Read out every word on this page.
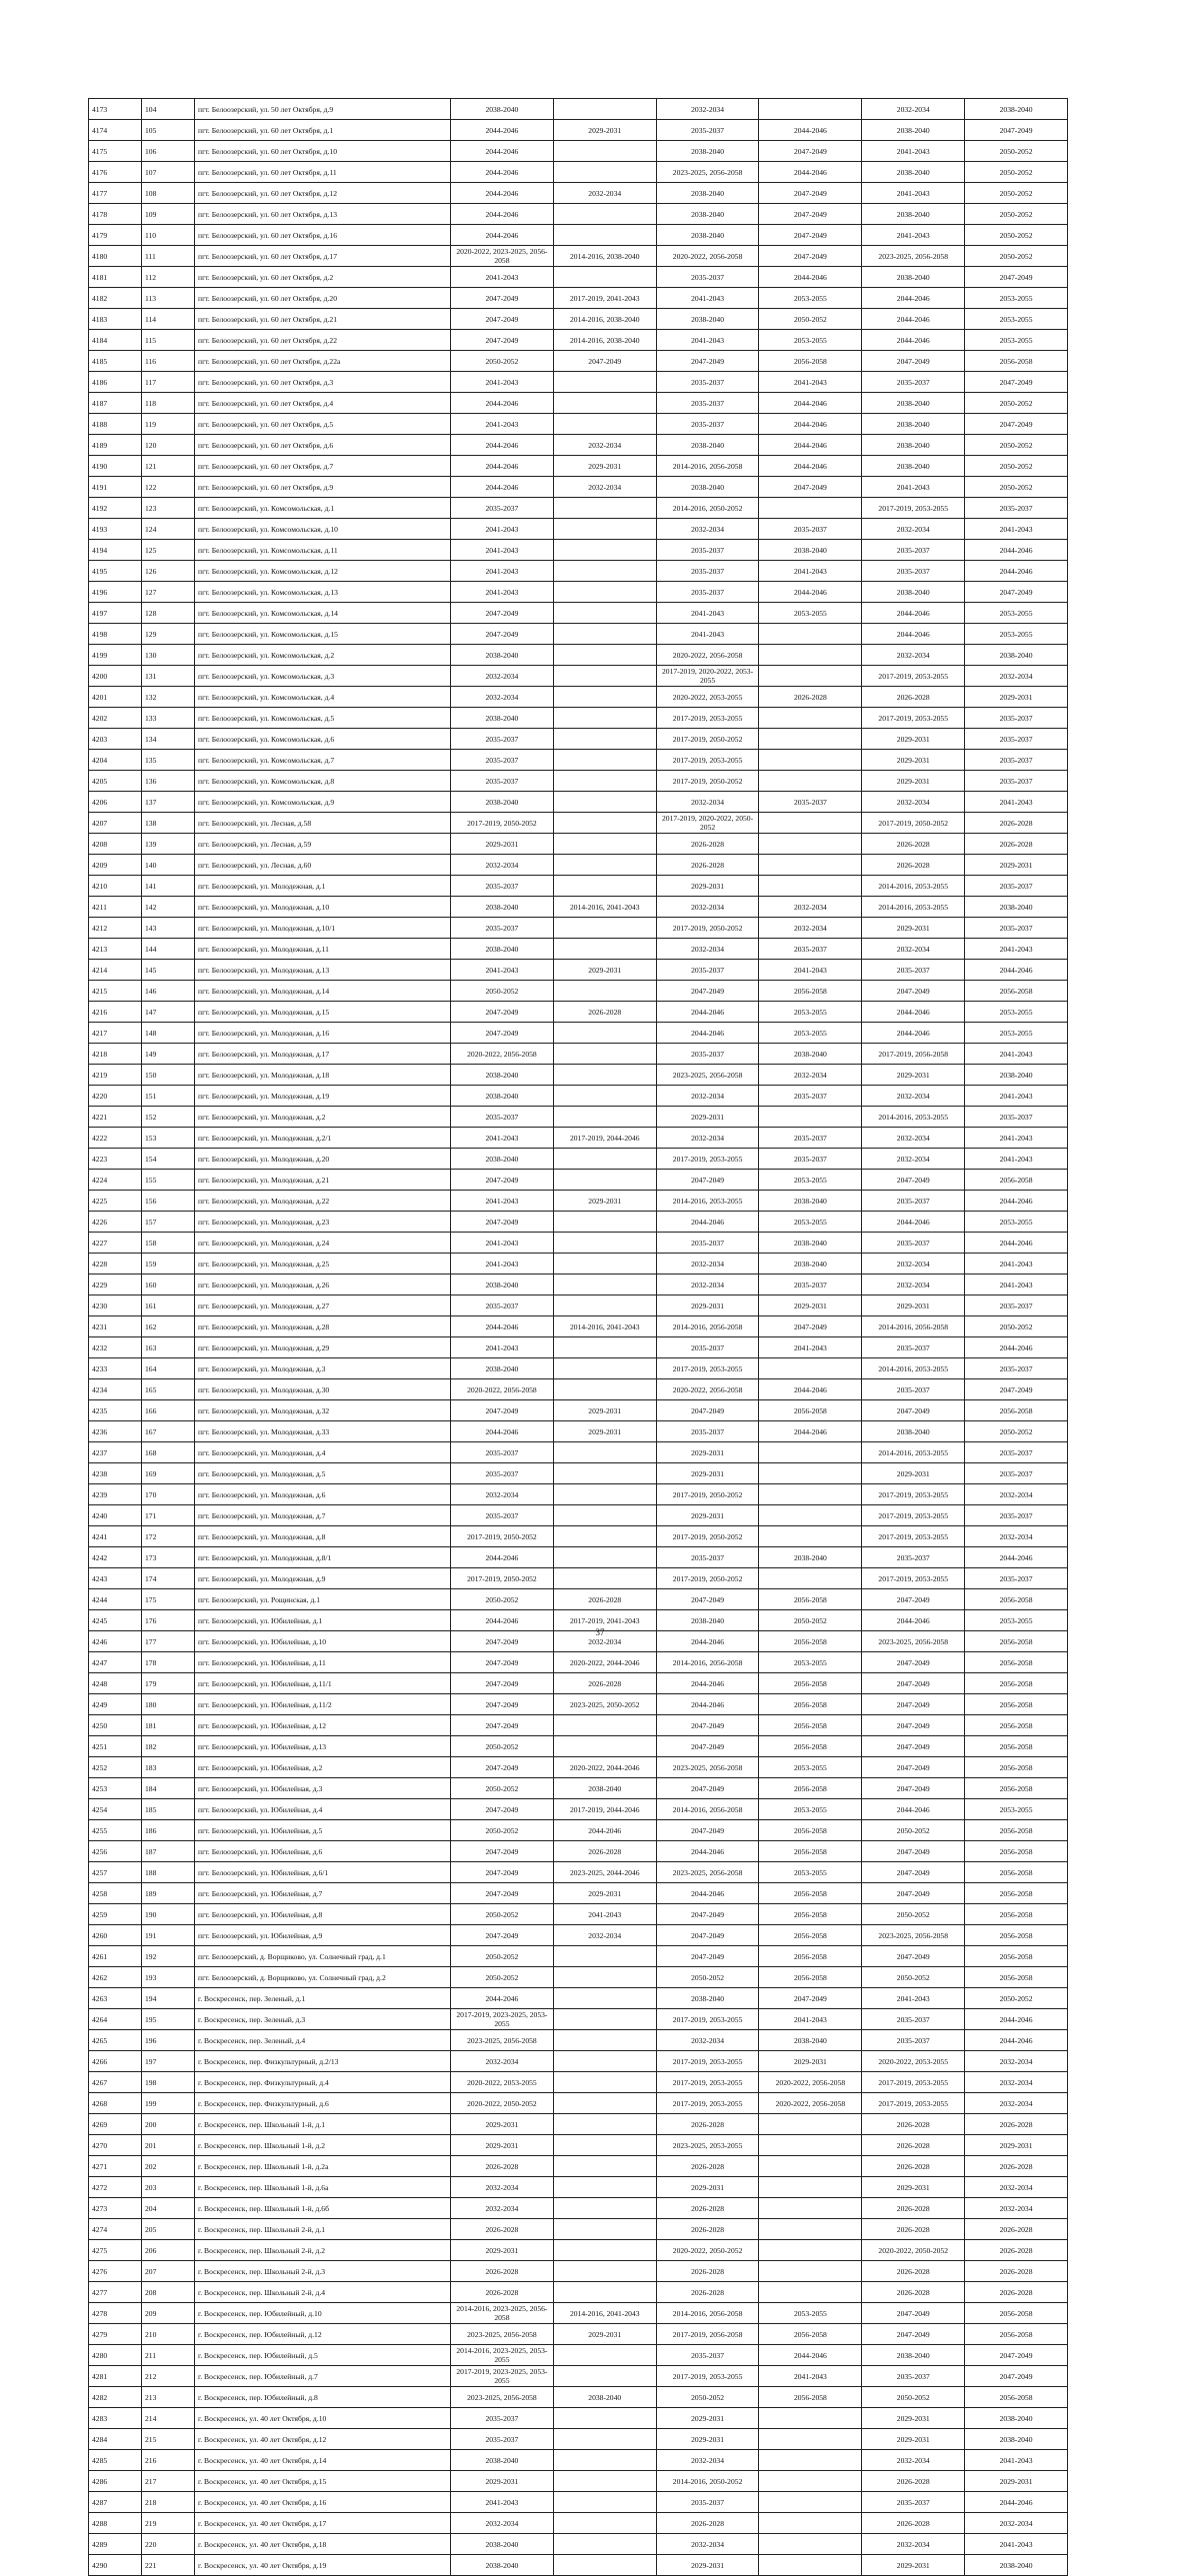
4173	104	пгт. Белоозерский, ул. 50 лет Октября, д.9	2038-2040		2032-2034		2032-2034	2038-2040
4174	105	пгт. Белоозерский, ул. 60 лет Октября, д.1	2044-2046	2029-2031	2035-2037	2044-2046	2038-2040	2047-2049
4175	106	пгт. Белоозерский, ул. 60 лет Октября, д.10	2044-2046		2038-2040	2047-2049	2041-2043	2050-2052
4176	107	пгт. Белоозерский, ул. 60 лет Октября, д.11	2044-2046		2023-2025, 2056-2058	2044-2046	2038-2040	2050-2052
4177	108	пгт. Белоозерский, ул. 60 лет Октября, д.12	2044-2046	2032-2034	2038-2040	2047-2049	2041-2043	2050-2052
4178	109	пгт. Белоозерский, ул. 60 лет Октября, д.13	2044-2046		2038-2040	2047-2049	2038-2040	2050-2052
4179	110	пгт. Белоозерский, ул. 60 лет Октября, д.16	2044-2046		2038-2040	2047-2049	2041-2043	2050-2052
4180	111	пгт. Белоозерский, ул. 60 лет Октября, д.17	2020-2022, 2023-2025, 2056-2058	2014-2016, 2038-2040	2020-2022, 2056-2058	2047-2049	2023-2025, 2056-2058	2050-2052
4181	112	пгт. Белоозерский, ул. 60 лет Октября, д.2	2041-2043		2035-2037	2044-2046	2038-2040	2047-2049
4182	113	пгт. Белоозерский, ул. 60 лет Октября, д.20	2047-2049	2017-2019, 2041-2043	2041-2043	2053-2055	2044-2046	2053-2055
4183	114	пгт. Белоозерский, ул. 60 лет Октября, д.21	2047-2049	2014-2016, 2038-2040	2038-2040	2050-2052	2044-2046	2053-2055
4184	115	пгт. Белоозерский, ул. 60 лет Октября, д.22	2047-2049	2014-2016, 2038-2040	2041-2043	2053-2055	2044-2046	2053-2055
4185	116	пгт. Белоозерский, ул. 60 лет Октября, д.22а	2050-2052	2047-2049	2047-2049	2056-2058	2047-2049	2056-2058
4186	117	пгт. Белоозерский, ул. 60 лет Октября, д.3	2041-2043		2035-2037	2041-2043	2035-2037	2047-2049
4187	118	пгт. Белоозерский, ул. 60 лет Октября, д.4	2044-2046		2035-2037	2044-2046	2038-2040	2050-2052
4188	119	пгт. Белоозерский, ул. 60 лет Октября, д.5	2041-2043		2035-2037	2044-2046	2038-2040	2047-2049
4189	120	пгт. Белоозерский, ул. 60 лет Октября, д.6	2044-2046	2032-2034	2038-2040	2044-2046	2038-2040	2050-2052
4190	121	пгт. Белоозерский, ул. 60 лет Октября, д.7	2044-2046	2029-2031	2014-2016, 2056-2058	2044-2046	2038-2040	2050-2052
4191	122	пгт. Белоозерский, ул. 60 лет Октября, д.9	2044-2046	2032-2034	2038-2040	2047-2049	2041-2043	2050-2052
4192	123	пгт. Белоозерский, ул. Комсомольская, д.1	2035-2037		2014-2016, 2050-2052		2017-2019, 2053-2055	2035-2037
4193	124	пгт. Белоозерский, ул. Комсомольская, д.10	2041-2043		2032-2034	2035-2037	2032-2034	2041-2043
4194	125	пгт. Белоозерский, ул. Комсомольская, д.11	2041-2043		2035-2037	2038-2040	2035-2037	2044-2046
4195	126	пгт. Белоозерский, ул. Комсомольская, д.12	2041-2043		2035-2037	2041-2043	2035-2037	2044-2046
4196	127	пгт. Белоозерский, ул. Комсомольская, д.13	2041-2043		2035-2037	2044-2046	2038-2040	2047-2049
4197	128	пгт. Белоозерский, ул. Комсомольская, д.14	2047-2049		2041-2043	2053-2055	2044-2046	2053-2055
4198	129	пгт. Белоозерский, ул. Комсомольская, д.15	2047-2049		2041-2043		2044-2046	2053-2055
4199	130	пгт. Белоозерский, ул. Комсомольская, д.2	2038-2040		2020-2022, 2056-2058		2032-2034	2038-2040
4200	131	пгт. Белоозерский, ул. Комсомольская, д.3	2032-2034		2017-2019, 2020-2022, 2053-2055		2017-2019, 2053-2055	2032-2034
4201	132	пгт. Белоозерский, ул. Комсомольская, д.4	2032-2034		2020-2022, 2053-2055	2026-2028	2026-2028	2029-2031
4202	133	пгт. Белоозерский, ул. Комсомольская, д.5	2038-2040		2017-2019, 2053-2055		2017-2019, 2053-2055	2035-2037
4203	134	пгт. Белоозерский, ул. Комсомольская, д.6	2035-2037		2017-2019, 2050-2052		2029-2031	2035-2037
4204	135	пгт. Белоозерский, ул. Комсомольская, д.7	2035-2037		2017-2019, 2053-2055		2029-2031	2035-2037
4205	136	пгт. Белоозерский, ул. Комсомольская, д.8	2035-2037		2017-2019, 2050-2052		2029-2031	2035-2037
4206	137	пгт. Белоозерский, ул. Комсомольская, д.9	2038-2040		2032-2034	2035-2037	2032-2034	2041-2043
4207	138	пгт. Белоозерский, ул. Лесная, д.58	2017-2019, 2050-2052		2017-2019, 2020-2022, 2050-2052		2017-2019, 2050-2052	2026-2028
4208	139	пгт. Белоозерский, ул. Лесная, д.59	2029-2031		2026-2028		2026-2028	2026-2028
4209	140	пгт. Белоозерский, ул. Лесная, д.60	2032-2034		2026-2028		2026-2028	2029-2031
4210	141	пгт. Белоозерский, ул. Молодежная, д.1	2035-2037		2029-2031		2014-2016, 2053-2055	2035-2037
4211	142	пгт. Белоозерский, ул. Молодежная, д.10	2038-2040	2014-2016, 2041-2043	2032-2034	2032-2034	2014-2016, 2053-2055	2038-2040
4212	143	пгт. Белоозерский, ул. Молодежная, д.10/1	2035-2037		2017-2019, 2050-2052	2032-2034	2029-2031	2035-2037
4213	144	пгт. Белоозерский, ул. Молодежная, д.11	2038-2040		2032-2034	2035-2037	2032-2034	2041-2043
4214	145	пгт. Белоозерский, ул. Молодежная, д.13	2041-2043	2029-2031	2035-2037	2041-2043	2035-2037	2044-2046
4215	146	пгт. Белоозерский, ул. Молодежная, д.14	2050-2052		2047-2049	2056-2058	2047-2049	2056-2058
4216	147	пгт. Белоозерский, ул. Молодежная, д.15	2047-2049	2026-2028	2044-2046	2053-2055	2044-2046	2053-2055
4217	148	пгт. Белоозерский, ул. Молодежная, д.16	2047-2049		2044-2046	2053-2055	2044-2046	2053-2055
4218	149	пгт. Белоозерский, ул. Молодежная, д.17	2020-2022, 2056-2058		2035-2037	2038-2040	2017-2019, 2056-2058	2041-2043
4219	150	пгт. Белоозерский, ул. Молодежная, д.18	2038-2040		2023-2025, 2056-2058	2032-2034	2029-2031	2038-2040
4220	151	пгт. Белоозерский, ул. Молодежная, д.19	2038-2040		2032-2034	2035-2037	2032-2034	2041-2043
4221	152	пгт. Белоозерский, ул. Молодежная, д.2	2035-2037		2029-2031		2014-2016, 2053-2055	2035-2037
4222	153	пгт. Белоозерский, ул. Молодежная, д.2/1	2041-2043	2017-2019, 2044-2046	2032-2034	2035-2037	2032-2034	2041-2043
4223	154	пгт. Белоозерский, ул. Молодежная, д.20	2038-2040		2017-2019, 2053-2055	2035-2037	2032-2034	2041-2043
4224	155	пгт. Белоозерский, ул. Молодежная, д.21	2047-2049		2047-2049	2053-2055	2047-2049	2056-2058
4225	156	пгт. Белоозерский, ул. Молодежная, д.22	2041-2043	2029-2031	2014-2016, 2053-2055	2038-2040	2035-2037	2044-2046
4226	157	пгт. Белоозерский, ул. Молодежная, д.23	2047-2049		2044-2046	2053-2055	2044-2046	2053-2055
4227	158	пгт. Белоозерский, ул. Молодежная, д.24	2041-2043		2035-2037	2038-2040	2035-2037	2044-2046
4228	159	пгт. Белоозерский, ул. Молодежная, д.25	2041-2043		2032-2034	2038-2040	2032-2034	2041-2043
4229	160	пгт. Белоозерский, ул. Молодежная, д.26	2038-2040		2032-2034	2035-2037	2032-2034	2041-2043
4230	161	пгт. Белоозерский, ул. Молодежная, д.27	2035-2037		2029-2031	2029-2031	2029-2031	2035-2037
4231	162	пгт. Белоозерский, ул. Молодежная, д.28	2044-2046	2014-2016, 2041-2043	2014-2016, 2056-2058	2047-2049	2014-2016, 2056-2058	2050-2052
4232	163	пгт. Белоозерский, ул. Молодежная, д.29	2041-2043		2035-2037	2041-2043	2035-2037	2044-2046
4233	164	пгт. Белоозерский, ул. Молодежная, д.3	2038-2040		2017-2019, 2053-2055		2014-2016, 2053-2055	2035-2037
4234	165	пгт. Белоозерский, ул. Молодежная, д.30	2020-2022, 2056-2058		2020-2022, 2056-2058	2044-2046	2035-2037	2047-2049
4235	166	пгт. Белоозерский, ул. Молодежная, д.32	2047-2049	2029-2031	2047-2049	2056-2058	2047-2049	2056-2058
4236	167	пгт. Белоозерский, ул. Молодежная, д.33	2044-2046	2029-2031	2035-2037	2044-2046	2038-2040	2050-2052
4237	168	пгт. Белоозерский, ул. Молодежная, д.4	2035-2037		2029-2031		2014-2016, 2053-2055	2035-2037
4238	169	пгт. Белоозерский, ул. Молодежная, д.5	2035-2037		2029-2031		2029-2031	2035-2037
4239	170	пгт. Белоозерский, ул. Молодежная, д.6	2032-2034		2017-2019, 2050-2052		2017-2019, 2053-2055	2032-2034
4240	171	пгт. Белоозерский, ул. Молодежная, д.7	2035-2037		2029-2031		2017-2019, 2053-2055	2035-2037
4241	172	пгт. Белоозерский, ул. Молодежная, д.8	2017-2019, 2050-2052		2017-2019, 2050-2052		2017-2019, 2053-2055	2032-2034
4242	173	пгт. Белоозерский, ул. Молодежная, д.8/1	2044-2046		2035-2037	2038-2040	2035-2037	2044-2046
4243	174	пгт. Белоозерский, ул. Молодежная, д.9	2017-2019, 2050-2052		2017-2019, 2050-2052		2017-2019, 2053-2055	2035-2037
4244	175	пгт. Белоозерский, ул. Рощинская, д.1	2050-2052	2026-2028	2047-2049	2056-2058	2047-2049	2056-2058
4245	176	пгт. Белоозерский, ул. Юбилейная, д.1	2044-2046	2017-2019, 2041-2043	2038-2040	2050-2052	2044-2046	2053-2055
4246	177	пгт. Белоозерский, ул. Юбилейная, д.10	2047-2049	2032-2034	2044-2046	2056-2058	2023-2025, 2056-2058	2056-2058
4247	178	пгт. Белоозерский, ул. Юбилейная, д.11	2047-2049	2020-2022, 2044-2046	2014-2016, 2056-2058	2053-2055	2047-2049	2056-2058
4248	179	пгт. Белоозерский, ул. Юбилейная, д.11/1	2047-2049	2026-2028	2044-2046	2056-2058	2047-2049	2056-2058
4249	180	пгт. Белоозерский, ул. Юбилейная, д.11/2	2047-2049	2023-2025, 2050-2052	2044-2046	2056-2058	2047-2049	2056-2058
4250	181	пгт. Белоозерский, ул. Юбилейная, д.12	2047-2049		2047-2049	2056-2058	2047-2049	2056-2058
4251	182	пгт. Белоозерский, ул. Юбилейная, д.13	2050-2052		2047-2049	2056-2058	2047-2049	2056-2058
4252	183	пгт. Белоозерский, ул. Юбилейная, д.2	2047-2049	2020-2022, 2044-2046	2023-2025, 2056-2058	2053-2055	2047-2049	2056-2058
4253	184	пгт. Белоозерский, ул. Юбилейная, д.3	2050-2052	2038-2040	2047-2049	2056-2058	2047-2049	2056-2058
4254	185	пгт. Белоозерский, ул. Юбилейная, д.4	2047-2049	2017-2019, 2044-2046	2014-2016, 2056-2058	2053-2055	2044-2046	2053-2055
4255	186	пгт. Белоозерский, ул. Юбилейная, д.5	2050-2052	2044-2046	2047-2049	2056-2058	2050-2052	2056-2058
4256	187	пгт. Белоозерский, ул. Юбилейная, д.6	2047-2049	2026-2028	2044-2046	2056-2058	2047-2049	2056-2058
4257	188	пгт. Белоозерский, ул. Юбилейная, д.6/1	2047-2049	2023-2025, 2044-2046	2023-2025, 2056-2058	2053-2055	2047-2049	2056-2058
4258	189	пгт. Белоозерский, ул. Юбилейная, д.7	2047-2049	2029-2031	2044-2046	2056-2058	2047-2049	2056-2058
4259	190	пгт. Белоозерский, ул. Юбилейная, д.8	2050-2052	2041-2043	2047-2049	2056-2058	2050-2052	2056-2058
4260	191	пгт. Белоозерский, ул. Юбилейная, д.9	2047-2049	2032-2034	2047-2049	2056-2058	2023-2025, 2056-2058	2056-2058
4261	192	пгт. Белоозерский, д. Ворщиково, ул. Солнечный град, д.1	2050-2052		2047-2049	2056-2058	2047-2049	2056-2058
4262	193	пгт. Белоозерский, д. Ворщиково, ул. Солнечный град, д.2	2050-2052		2050-2052	2056-2058	2050-2052	2056-2058
4263	194	г. Воскресенск, пер. Зеленый, д.1	2044-2046		2038-2040	2047-2049	2041-2043	2050-2052
4264	195	г. Воскресенск, пер. Зеленый, д.3	2017-2019, 2023-2025, 2053-2055		2017-2019, 2053-2055	2041-2043	2035-2037	2044-2046
4265	196	г. Воскресенск, пер. Зеленый, д.4	2023-2025, 2056-2058		2032-2034	2038-2040	2035-2037	2044-2046
4266	197	г. Воскресенск, пер. Физкультурный, д.2/13	2032-2034		2017-2019, 2053-2055	2029-2031	2020-2022, 2053-2055	2032-2034
4267	198	г. Воскресенск, пер. Физкультурный, д.4	2020-2022, 2053-2055		2017-2019, 2053-2055	2020-2022, 2056-2058	2017-2019, 2053-2055	2032-2034
4268	199	г. Воскресенск, пер. Физкультурный, д.6	2020-2022, 2050-2052		2017-2019, 2053-2055	2020-2022, 2056-2058	2017-2019, 2053-2055	2032-2034
4269	200	г. Воскресенск, пер. Школьный 1-й, д.1	2029-2031		2026-2028		2026-2028	2026-2028
4270	201	г. Воскресенск, пер. Школьный 1-й, д.2	2029-2031		2023-2025, 2053-2055		2026-2028	2029-2031
4271	202	г. Воскресенск, пер. Школьный 1-й, д.2а	2026-2028		2026-2028		2026-2028	2026-2028
4272	203	г. Воскресенск, пер. Школьный 1-й, д.6а	2032-2034		2029-2031		2029-2031	2032-2034
4273	204	г. Воскресенск, пер. Школьный 1-й, д.6б	2032-2034		2026-2028		2026-2028	2032-2034
4274	205	г. Воскресенск, пер. Школьный 2-й, д.1	2026-2028		2026-2028		2026-2028	2026-2028
4275	206	г. Воскресенск, пер. Школьный 2-й, д.2	2029-2031		2020-2022, 2050-2052		2020-2022, 2050-2052	2026-2028
4276	207	г. Воскресенск, пер. Школьный 2-й, д.3	2026-2028		2026-2028		2026-2028	2026-2028
4277	208	г. Воскресенск, пер. Школьный 2-й, д.4	2026-2028		2026-2028		2026-2028	2026-2028
4278	209	г. Воскресенск, пер. Юбилейный, д.10	2014-2016, 2023-2025, 2056-2058	2014-2016, 2041-2043	2014-2016, 2056-2058	2053-2055	2047-2049	2056-2058
4279	210	г. Воскресенск, пер. Юбилейный, д.12	2023-2025, 2056-2058	2029-2031	2017-2019, 2056-2058	2056-2058	2047-2049	2056-2058
4280	211	г. Воскресенск, пер. Юбилейный, д.5	2014-2016, 2023-2025, 2053-2055		2035-2037	2044-2046	2038-2040	2047-2049
4281	212	г. Воскресенск, пер. Юбилейный, д.7	2017-2019, 2023-2025, 2053-2055		2017-2019, 2053-2055	2041-2043	2035-2037	2047-2049
4282	213	г. Воскресенск, пер. Юбилейный, д.8	2023-2025, 2056-2058	2038-2040	2050-2052	2056-2058	2050-2052	2056-2058
4283	214	г. Воскресенск, ул. 40 лет Октября, д.10	2035-2037		2029-2031		2029-2031	2038-2040
4284	215	г. Воскресенск, ул. 40 лет Октября, д.12	2035-2037		2029-2031		2029-2031	2038-2040
4285	216	г. Воскресенск, ул. 40 лет Октября, д.14	2038-2040		2032-2034		2032-2034	2041-2043
4286	217	г. Воскресенск, ул. 40 лет Октября, д.15	2029-2031		2014-2016, 2050-2052		2026-2028	2029-2031
4287	218	г. Воскресенск, ул. 40 лет Октября, д.16	2041-2043		2035-2037		2035-2037	2044-2046
4288	219	г. Воскресенск, ул. 40 лет Октября, д.17	2032-2034		2026-2028		2026-2028	2032-2034
4289	220	г. Воскресенск, ул. 40 лет Октября, д.18	2038-2040		2032-2034		2032-2034	2041-2043
4290	221	г. Воскресенск, ул. 40 лет Октября, д.19	2038-2040		2029-2031		2029-2031	2038-2040
37
